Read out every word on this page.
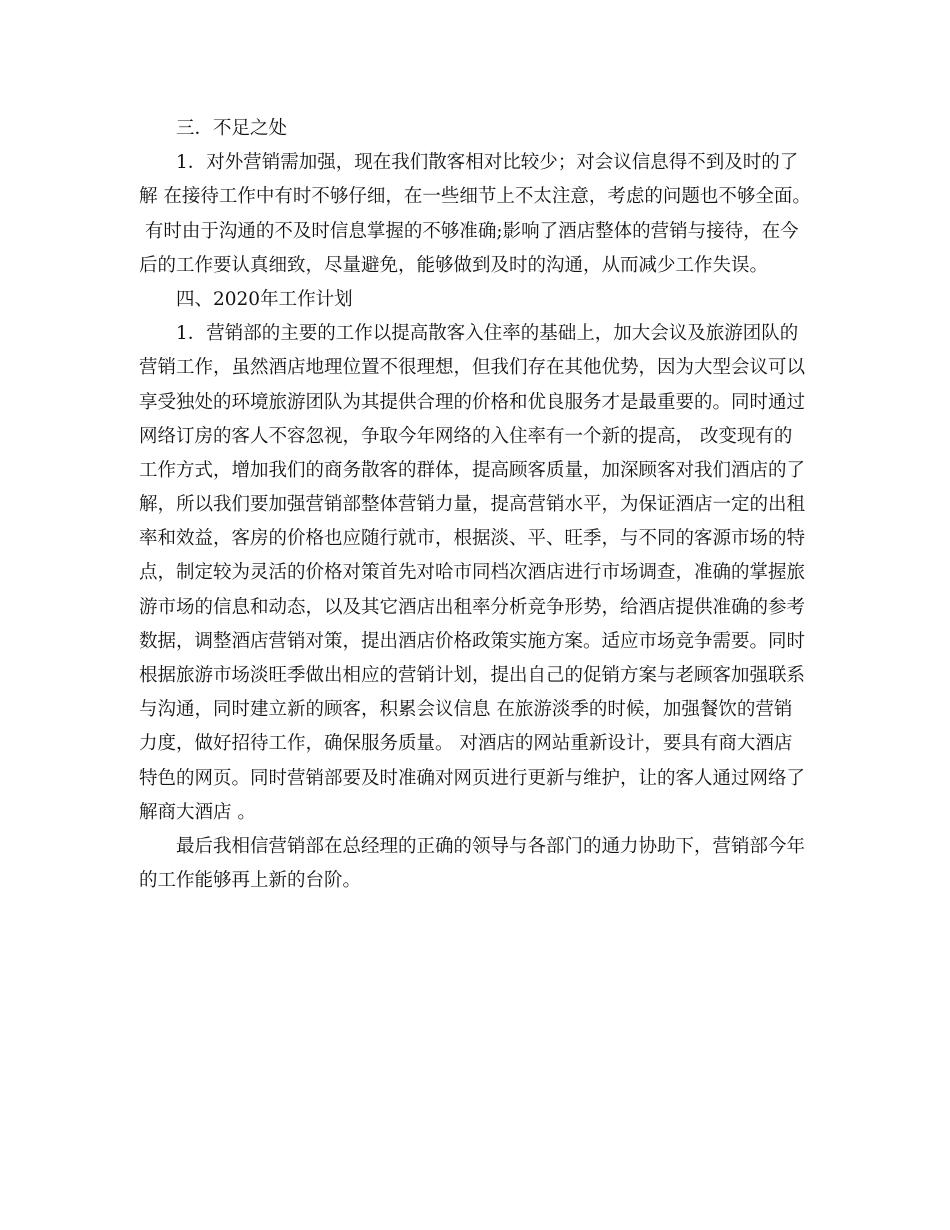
三．不足之处
1．对外营销需加强，现在我们散客相对比较少；对会议信息得不到及时的了
解 在接待工作中有时不够仔细，在一些细节上不太注意，考虑的问题也不够全面。
有时由于沟通的不及时信息掌握的不够准确;影响了酒店整体的营销与接待，在今
后的工作要认真细致，尽量避免，能够做到及时的沟通，从而减少工作失误。
四、2020年工作计划
1．营销部的主要的工作以提高散客入住率的基础上，加大会议及旅游团队的
营销工作，虽然酒店地理位置不很理想，但我们存在其他优势，因为大型会议可以
享受独处的环境旅游团队为其提供合理的价格和优良服务才是最重要的。同时通过
网络订房的客人不容忽视，争取今年网络的入住率有一个新的提高， 改变现有的
工作方式，增加我们的商务散客的群体，提高顾客质量，加深顾客对我们酒店的了
解，所以我们要加强营销部整体营销力量，提高营销水平，为保证酒店一定的出租
率和效益，客房的价格也应随行就市，根据淡、平、旺季，与不同的客源市场的特
点，制定较为灵活的价格对策首先对哈市同档次酒店进行市场调查，准确的掌握旅
游市场的信息和动态，以及其它酒店出租率分析竞争形势，给酒店提供准确的参考
数据，调整酒店营销对策，提出酒店价格政策实施方案。适应市场竞争需要。同时
根据旅游市场淡旺季做出相应的营销计划，提出自己的促销方案与老顾客加强联系
与沟通，同时建立新的顾客，积累会议信息 在旅游淡季的时候，加强餐饮的营销
力度，做好招待工作，确保服务质量。 对酒店的网站重新设计，要具有商大酒店
特色的网页。同时营销部要及时准确对网页进行更新与维护，让的客人通过网络了
解商大酒店 。
最后我相信营销部在总经理的正确的领导与各部门的通力协助下，营销部今年
的工作能够再上新的台阶。
